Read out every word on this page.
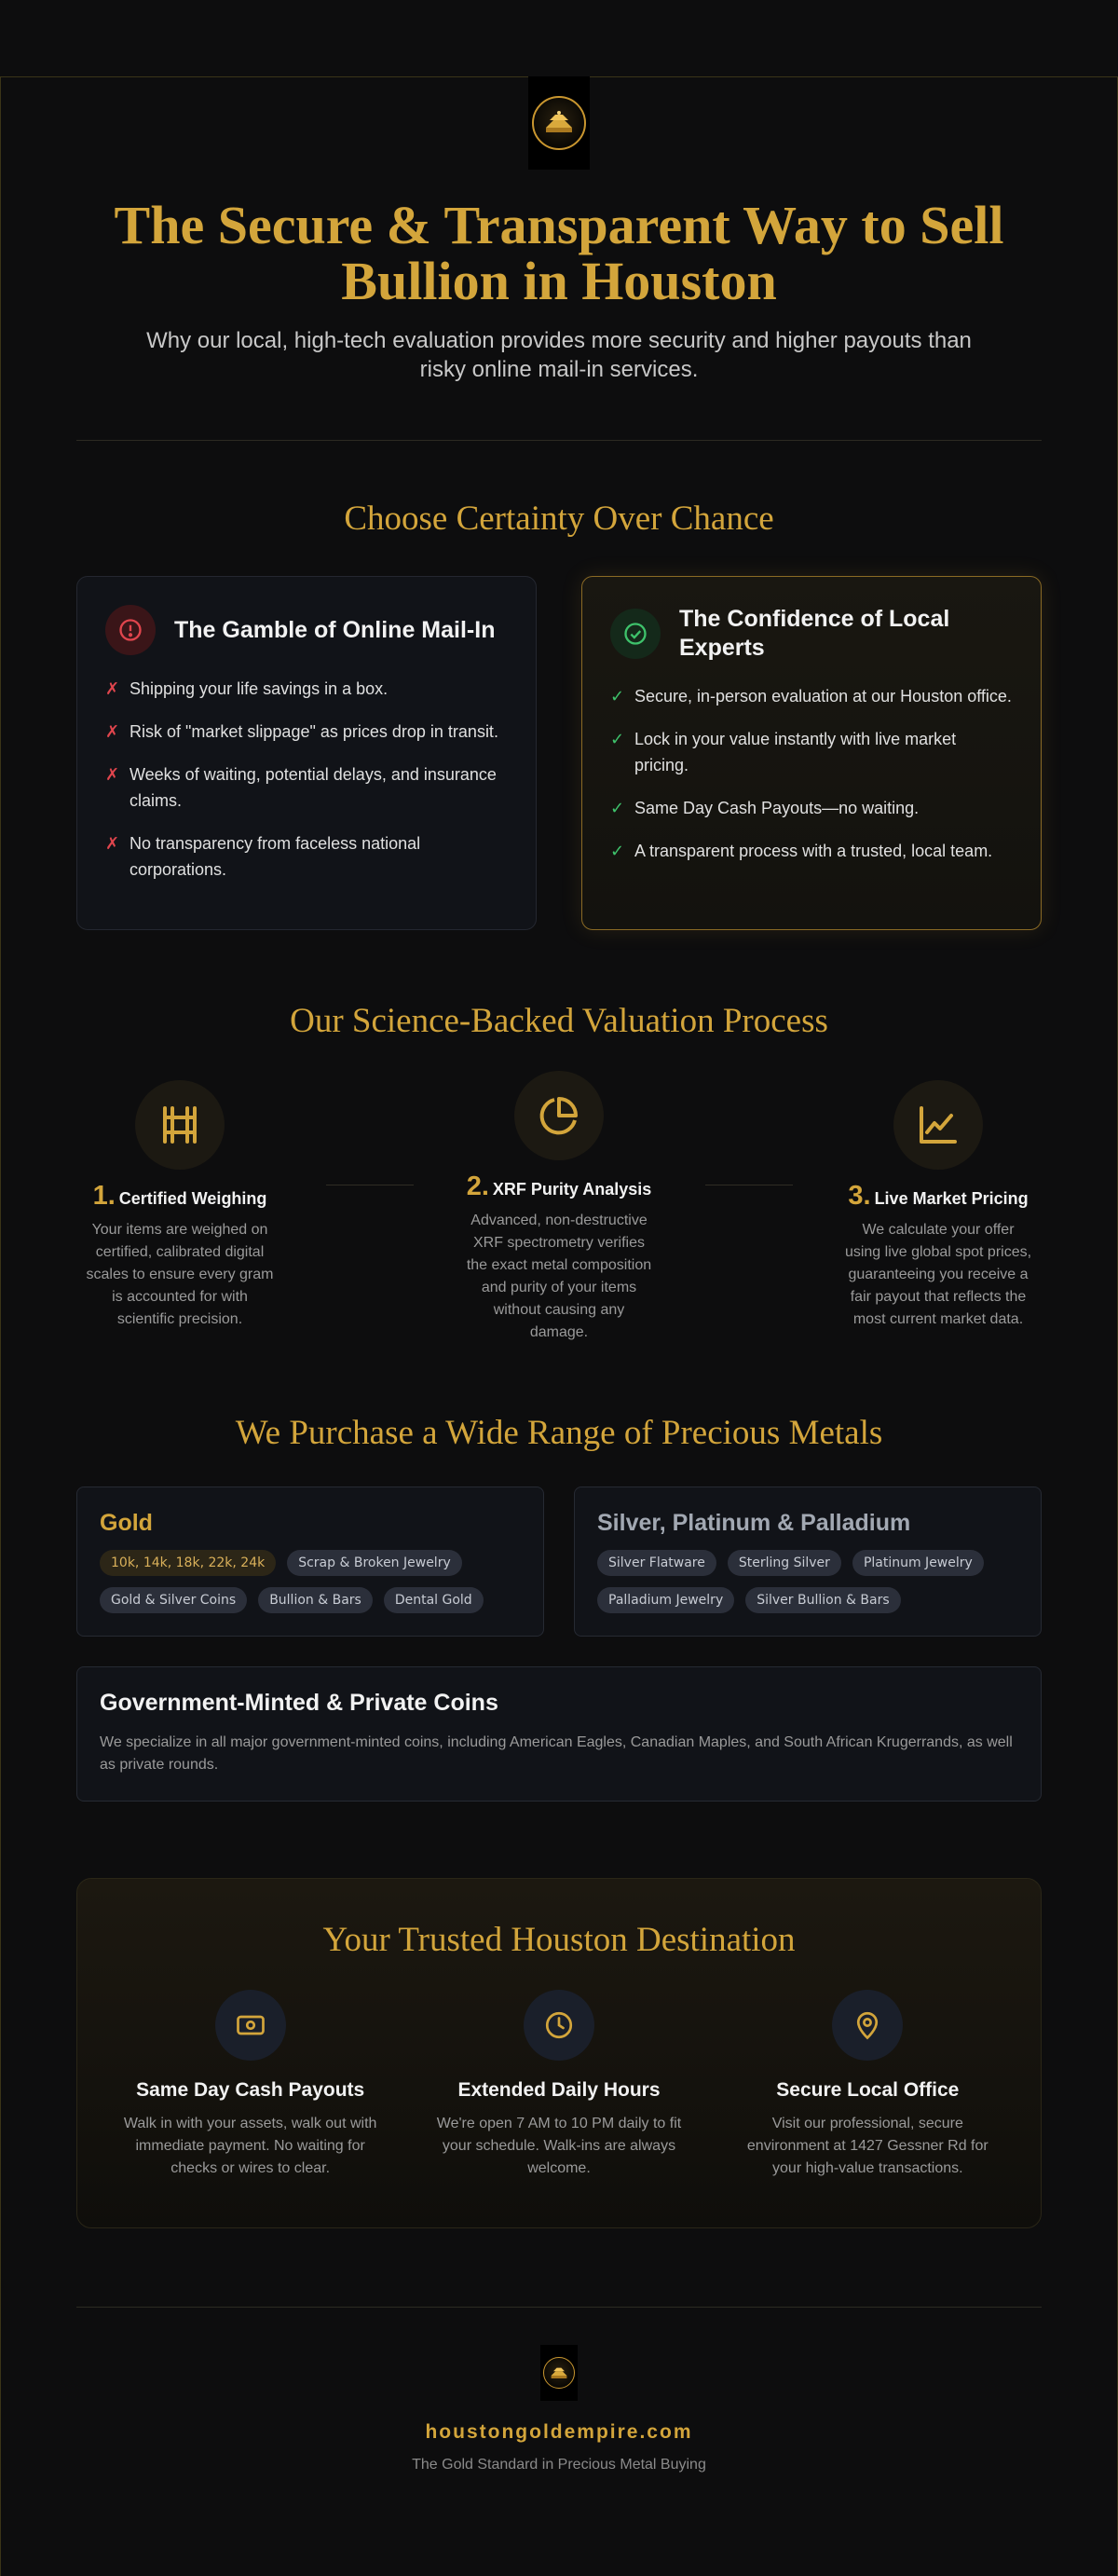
The Secure & Transparent Way to Sell Bullion in Houston

Why our local, high-tech evaluation provides more security and higher payouts than risky online mail-in services.

Choose Certainty Over Chance
The Gamble of Online Mail-In
✗ Shipping your life savings in a box.
✗ Risk of "market slippage" as prices drop in transit.
✗ Weeks of waiting, potential delays, and insurance claims.
✗ No transparency from faceless national corporations.
The Confidence of Local Experts
✓ Secure, in-person evaluation at our Houston office.
✓ Lock in your value instantly with live market pricing.
✓ Same Day Cash Payouts—no waiting.
✓ A transparent process with a trusted, local team.
Our Science-Backed Valuation Process
1. Certified Weighing

Your items are weighed on certified, calibrated digital scales to ensure every gram is accounted for with scientific precision.

2. XRF Purity Analysis

Advanced, non-destructive XRF spectrometry verifies the exact metal composition and purity of your items without causing any damage.

3. Live Market Pricing

We calculate your offer using live global spot prices, guaranteeing you receive a fair payout that reflects the most current market data.

We Purchase a Wide Range of Precious Metals
Gold
10k, 14k, 18k, 22k, 24k	Scrap & Broken Jewelry
Gold & Silver Coins	Bullion & Bars	Dental Gold
Silver, Platinum & Palladium
Silver Flatware	Sterling Silver	Platinum Jewelry
Palladium Jewelry	Silver Bullion & Bars
Government-Minted & Private Coins

We specialize in all major government-minted coins, including American Eagles, Canadian Maples, and South African Krugerrands, as well as private rounds.

Your Trusted Houston Destination
Same Day Cash Payouts

Walk in with your assets, walk out with immediate payment. No waiting for checks or wires to clear.

Extended Daily Hours

We're open 7 AM to 10 PM daily to fit your schedule. Walk-ins are always welcome.

Secure Local Office

Visit our professional, secure environment at 1427 Gessner Rd for your high-value transactions.

houstongoldempire.com
The Gold Standard in Precious Metal Buying
